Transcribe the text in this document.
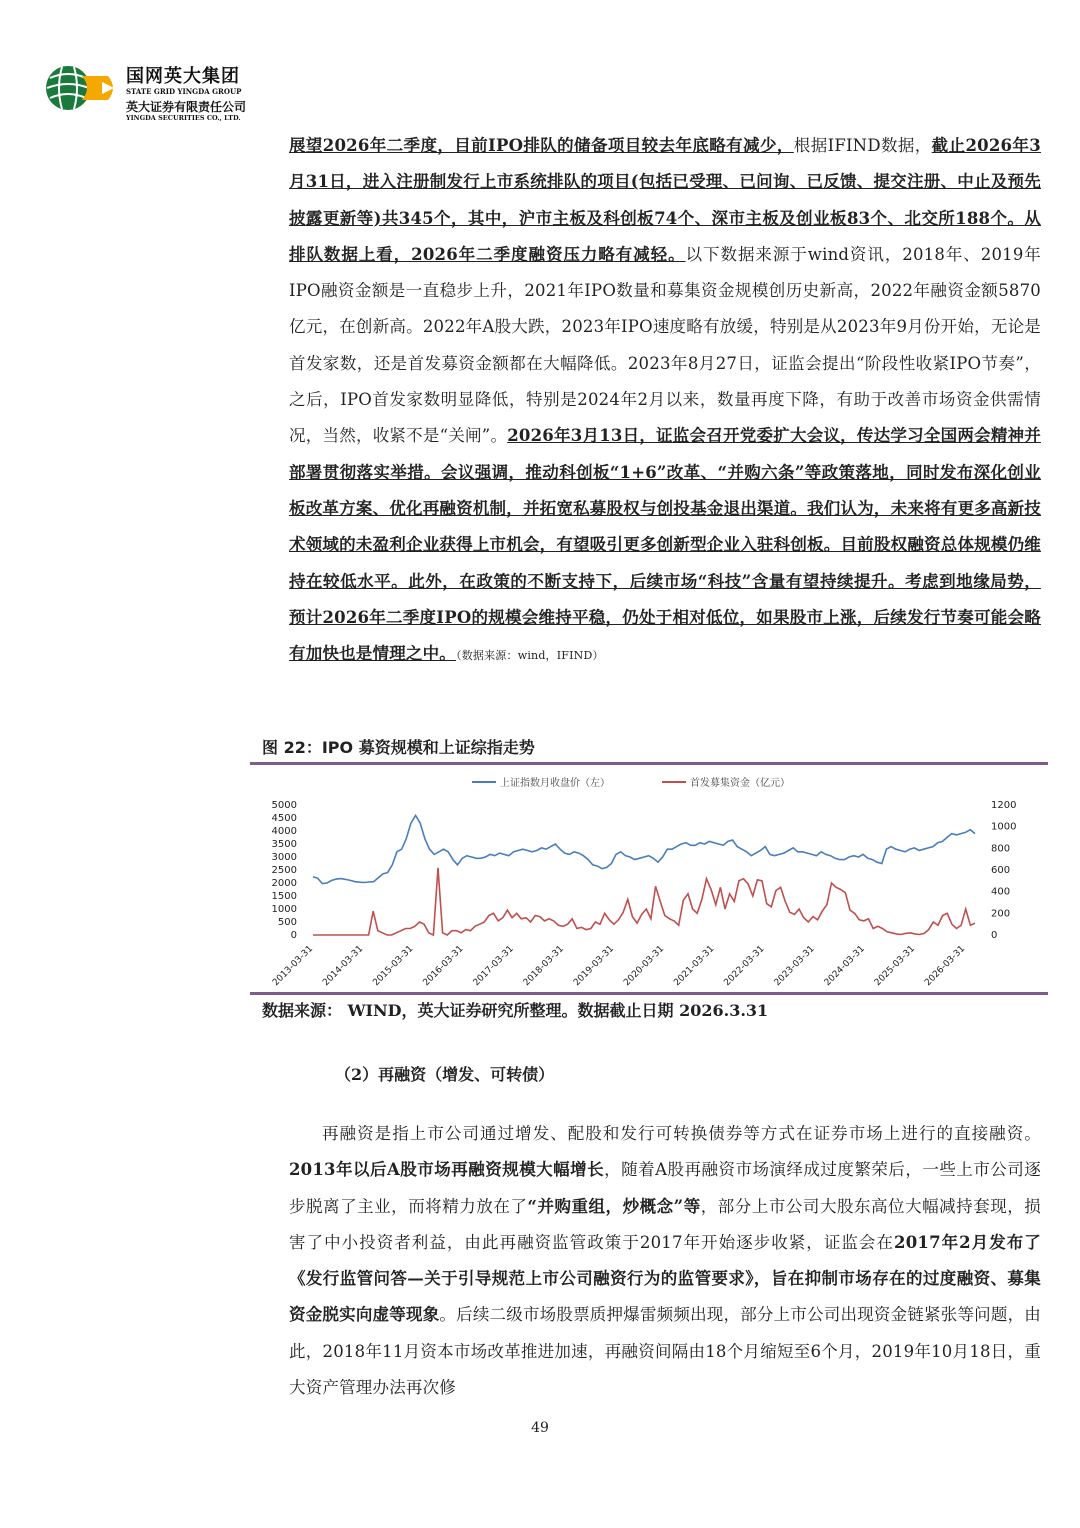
国网英大集团
STATE GRID YINGDA GROUP
英大证券有限责任公司
YINGDA SECURITIES CO., LTD.
展望2026年二季度，目前IPO排队的储备项目较去年底略有减少，根据IFIND数据，截止2026年3月31日，进入注册制发行上市系统排队的项目(包括已受理、已问询、已反馈、提交注册、中止及预先披露更新等)共345个，其中，沪市主板及科创板74个、深市主板及创业板83个、北交所188个。从排队数据上看，2026年二季度融资压力略有减轻。以下数据来源于wind资讯，2018年、2019年IPO融资金额是一直稳步上升，2021年IPO数量和募集资金规模创历史新高，2022年融资金额5870亿元，在创新高。2022年A股大跌，2023年IPO速度略有放缓，特别是从2023年9月份开始，无论是首发家数，还是首发募资金额都在大幅降低。2023年8月27日，证监会提出“阶段性收紧IPO节奏”，之后，IPO首发家数明显降低，特别是2024年2月以来，数量再度下降，有助于改善市场资金供需情况，当然，收紧不是“关闸”。2026年3月13日，证监会召开党委扩大会议，传达学习全国两会精神并部署贯彻落实举措。会议强调，推动科创板“1+6”改革、“并购六条”等政策落地，同时发布深化创业板改革方案、优化再融资机制，并拓宽私募股权与创投基金退出渠道。我们认为，未来将有更多高新技术领域的未盈利企业获得上市机会，有望吸引更多创新型企业入驻科创板。目前股权融资总体规模仍维持在较低水平。此外，在政策的不断支持下，后续市场“科技”含量有望持续提升。考虑到地缘局势，预计2026年二季度IPO的规模会维持平稳，仍处于相对低位，如果股市上涨，后续发行节奏可能会略有加快也是情理之中。（数据来源：wind，IFIND）
图 22：IPO 募资规模和上证综指走势
上证指数月收盘价（左）	首发募集资金（亿元）
5000
4500
4000
3500
3000
2500
2000
1500
1000
500
0
1200
1000
800
600
400
200
0
2013-03-31 2014-03-31 2015-03-31 2016-03-31 2017-03-31 2018-03-31 2019-03-31 2020-03-31 2021-03-31 2022-03-31 2023-03-31 2024-03-31 2025-03-31 2026-03-31
数据来源： WIND，英大证券研究所整理。数据截止日期 2026.3.31
（2）再融资（增发、可转债）
再融资是指上市公司通过增发、配股和发行可转换债券等方式在证券市场上进行的直接融资。2013年以后A股市场再融资规模大幅增长，随着A股再融资市场演绎成过度繁荣后，一些上市公司逐步脱离了主业，而将精力放在了“并购重组，炒概念”等，部分上市公司大股东高位大幅减持套现，损害了中小投资者利益，由此再融资监管政策于2017年开始逐步收紧，证监会在2017年2月发布了《发行监管问答—关于引导规范上市公司融资行为的监管要求》，旨在抑制市场存在的过度融资、募集资金脱实向虚等现象。后续二级市场股票质押爆雷频频出现，部分上市公司出现资金链紧张等问题，由此，2018年11月资本市场改革推进加速，再融资间隔由18个月缩短至6个月，2019年10月18日，重大资产管理办法再次修
49
